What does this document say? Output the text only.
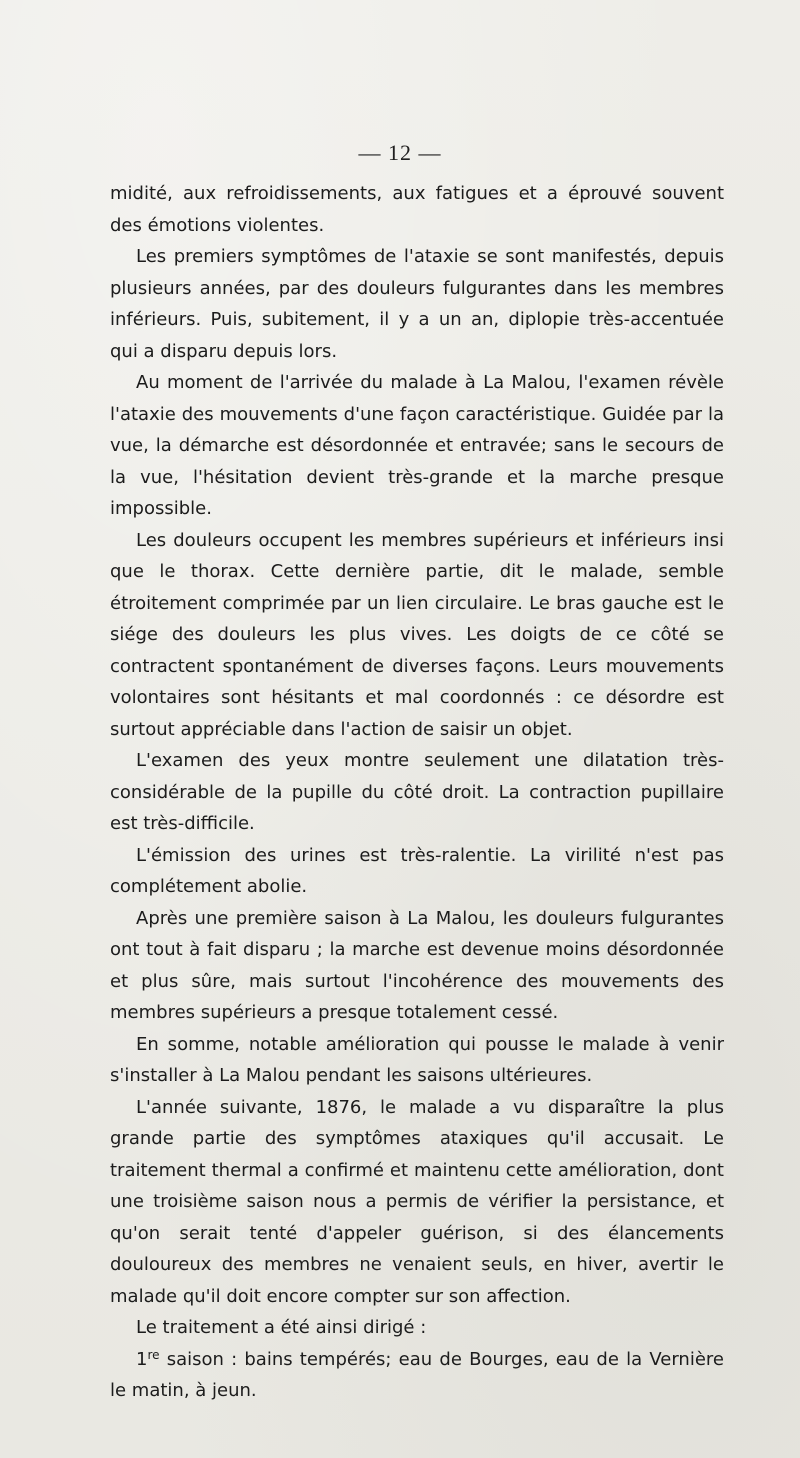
— 12 —

midité, aux refroidissements, aux fatigues et a éprouvé souvent des émotions violentes.

Les premiers symptômes de l'ataxie se sont manifestés, depuis plusieurs années, par des douleurs fulgurantes dans les membres inférieurs. Puis, subitement, il y a un an, diplopie très-accentuée qui a disparu depuis lors.

Au moment de l'arrivée du malade à La Malou, l'examen révèle l'ataxie des mouvements d'une façon caractéristique. Guidée par la vue, la démarche est désordonnée et entravée; sans le secours de la vue, l'hésitation devient très-grande et la marche presque impossible.

Les douleurs occupent les membres supérieurs et inférieurs insi que le thorax. Cette dernière partie, dit le malade, semble étroitement comprimée par un lien circulaire. Le bras gauche est le siége des douleurs les plus vives. Les doigts de ce côté se contractent spontanément de diverses façons. Leurs mouvements volontaires sont hésitants et mal coordonnés : ce désordre est surtout appréciable dans l'action de saisir un objet.

L'examen des yeux montre seulement une dilatation très-considérable de la pupille du côté droit. La contraction pupillaire est très-difficile.

L'émission des urines est très-ralentie. La virilité n'est pas complétement abolie.

Après une première saison à La Malou, les douleurs fulgurantes ont tout à fait disparu ; la marche est devenue moins désordonnée et plus sûre, mais surtout l'incohérence des mouvements des membres supérieurs a presque totalement cessé.

En somme, notable amélioration qui pousse le malade à venir s'installer à La Malou pendant les saisons ultérieures.

L'année suivante, 1876, le malade a vu disparaître la plus grande partie des symptômes ataxiques qu'il accusait. Le traitement thermal a confirmé et maintenu cette amélioration, dont une troisième saison nous a permis de vérifier la persistance, et qu'on serait tenté d'appeler guérison, si des élancements douloureux des membres ne venaient seuls, en hiver, avertir le malade qu'il doit encore compter sur son affection.

Le traitement a été ainsi dirigé :

1re saison : bains tempérés; eau de Bourges, eau de la Vernière le matin, à jeun.
